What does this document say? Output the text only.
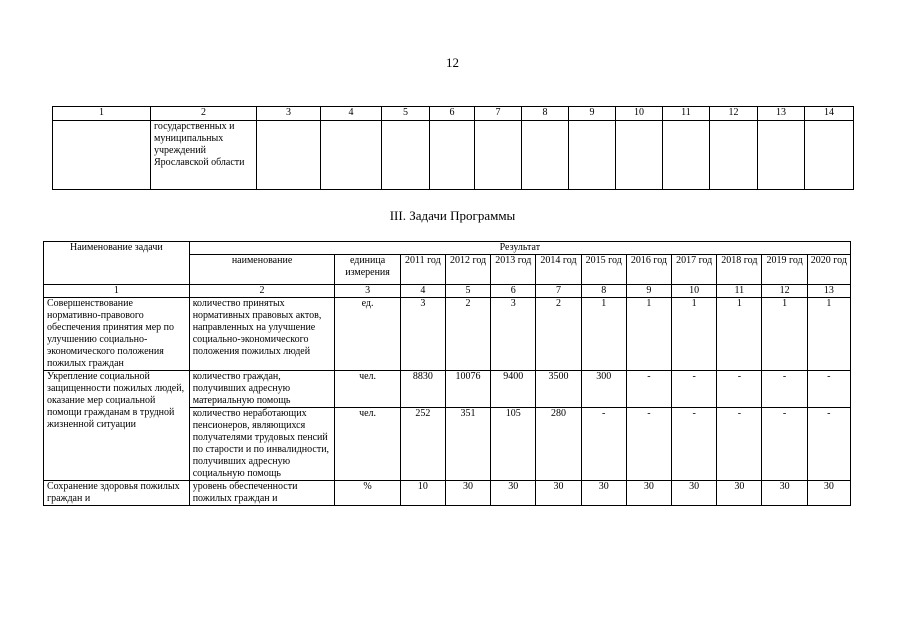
12
1	2	3	4	5	6	7	8	9	10	11	12	13	14
	государственных и муниципальных учреждений Ярославской области												
III. Задачи Программы
Наименование задачи	Результат											
	наименование	единица измерения	2011 год	2012 год	2013 год	2014 год	2015 год	2016 год	2017 год	2018 год	2019 год	2020 год
1	2	3	4	5	6	7	8	9	10	11	12	13
Совершенствование нормативно-правового обеспечения принятия мер по улучшению социально-экономического положения пожилых граждан	количество принятых нормативных правовых актов, направленных на улучшение социально-экономического положения пожилых людей	ед.	3	2	3	2	1	1	1	1	1	1
Укрепление социальной защищенности пожилых людей, оказание мер социальной помощи гражданам в трудной жизненной ситуации	количество граждан, получивших адресную материальную помощь	чел.	8830	10076	9400	3500	300	-	-	-	-	-
	количество неработающих пенсионеров, являющихся получателями трудовых пенсий по старости и по инвалидности, получивших адресную социальную помощь	чел.	252	351	105	280	-	-	-	-	-	-
Сохранение здоровья пожилых граждан и	уровень обеспеченности пожилых граждан и	%	10	30	30	30	30	30	30	30	30	30
